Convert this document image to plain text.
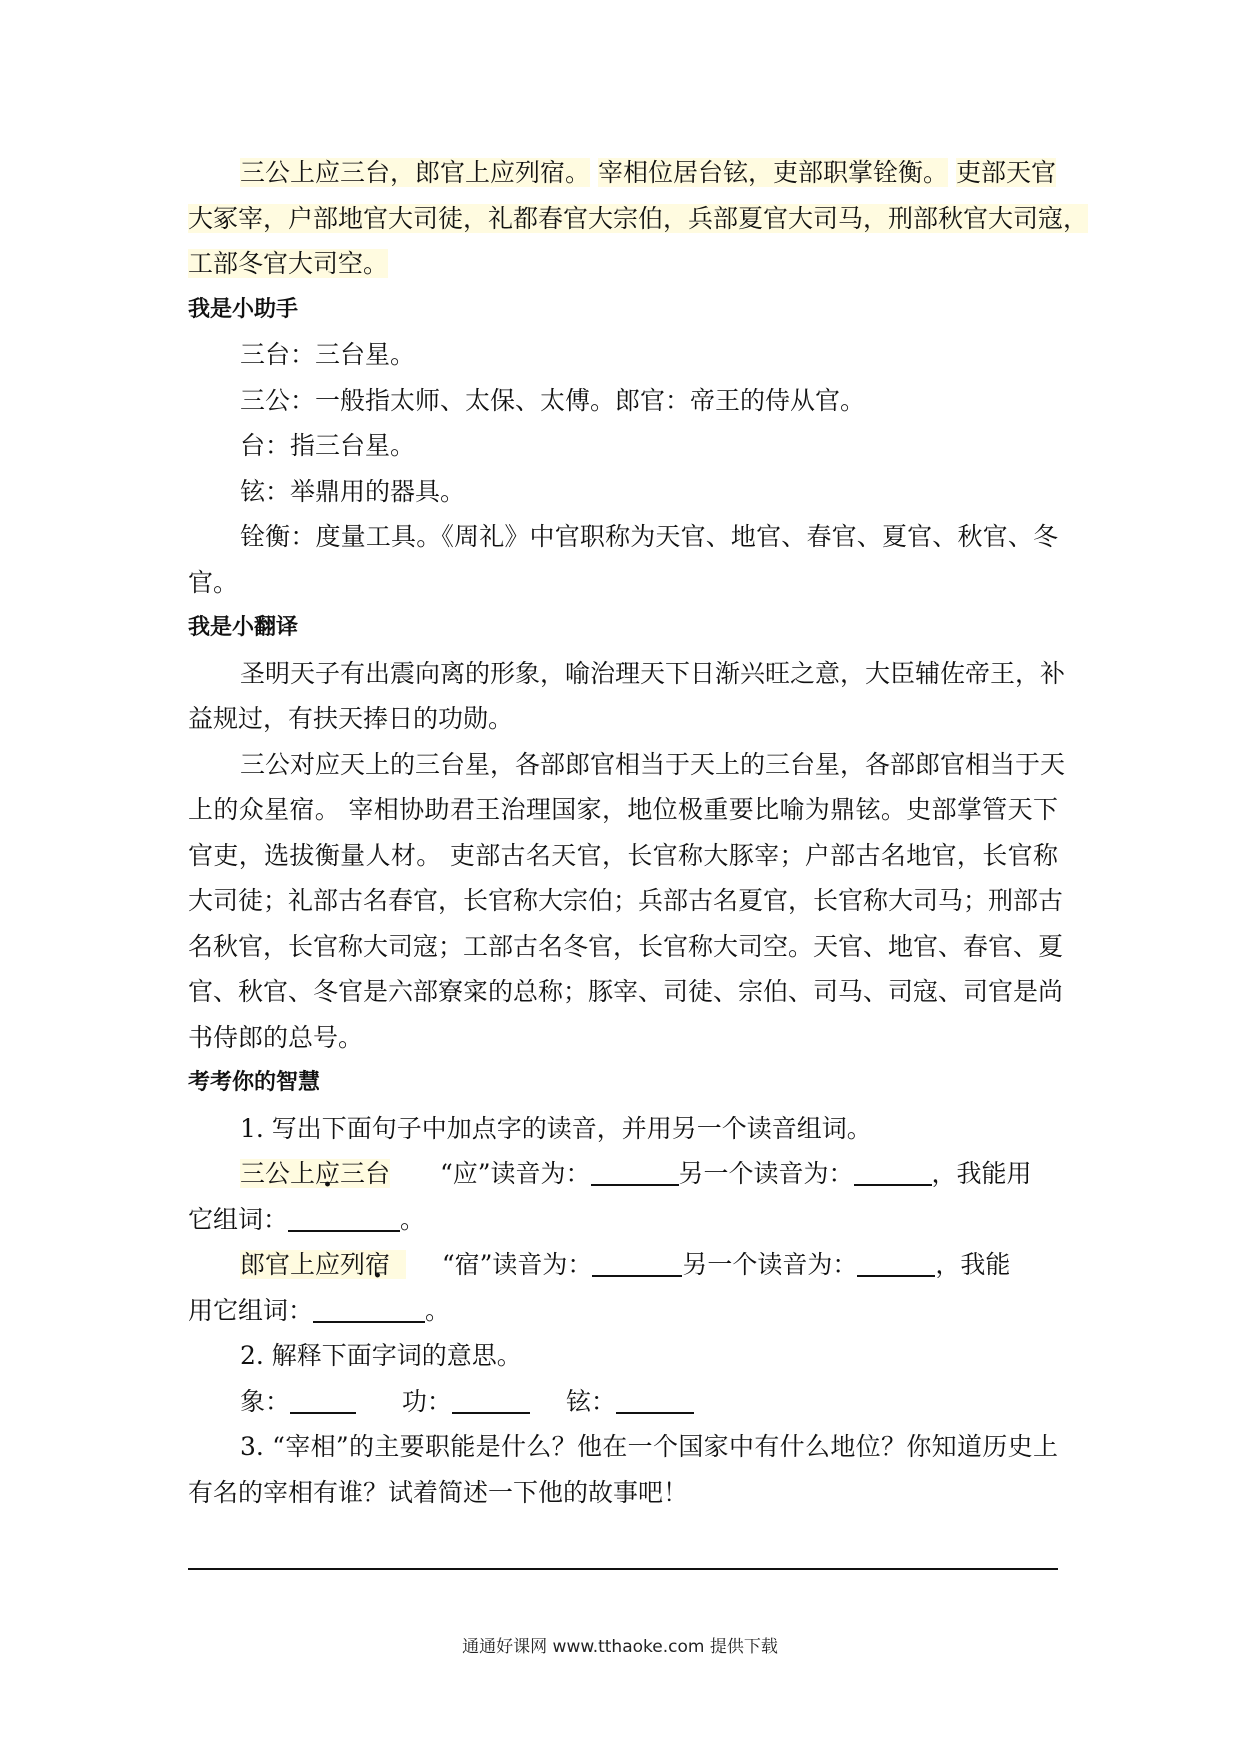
三公上应三台，郎官上应列宿。 宰相位居台铉，吏部职掌铨衡。 吏部天官
大冢宰，户部地官大司徒，礼都春官大宗伯，兵部夏官大司马，刑部秋官大司寇，
工部冬官大司空。
我是小助手
三台：三台星。
三公：一般指太师、太保、太傅。郎官：帝王的侍从官。
台：指三台星。
铉：举鼎用的器具。
铨衡：度量工具。《周礼》中官职称为天官、地官、春官、夏官、秋官、冬
官。
我是小翻译
圣明天子有出震向离的形象，喻治理天下日渐兴旺之意，大臣辅佐帝王，补
益规过，有扶天捧日的功勋。
三公对应天上的三台星，各部郎官相当于天上的三台星，各部郎官相当于天
上的众星宿。 宰相协助君王治理国家，地位极重要比喻为鼎铉。史部掌管天下
官吏，选拔衡量人材。 吏部古名天官，长官称大豚宰；户部古名地官，长官称
大司徒；礼部古名春官，长官称大宗伯；兵部古名夏官，长官称大司马；刑部古
名秋官，长官称大司寇；工部古名冬官，长官称大司空。天官、地官、春官、夏
官、秋官、冬官是六部寮寀的总称；豚宰、司徒、宗伯、司马、司寇、司官是尚
书侍郎的总号。
考考你的智慧
1. 写出下面句子中加点字的读音，并用另一个读音组词。
三公上应三台 “应”读音为：	另一个读音为：	，我能用
它组词：	。
郎官上应列宿 “宿”读音为：	另一个读音为：	，我能
用它组词：	。
2. 解释下面字词的意思。
象：	功：	铉：
3. “宰相”的主要职能是什么？他在一个国家中有什么地位？你知道历史上
有名的宰相有谁？试着简述一下他的故事吧！
通通好课网 www.tthaoke.com 提供下载
